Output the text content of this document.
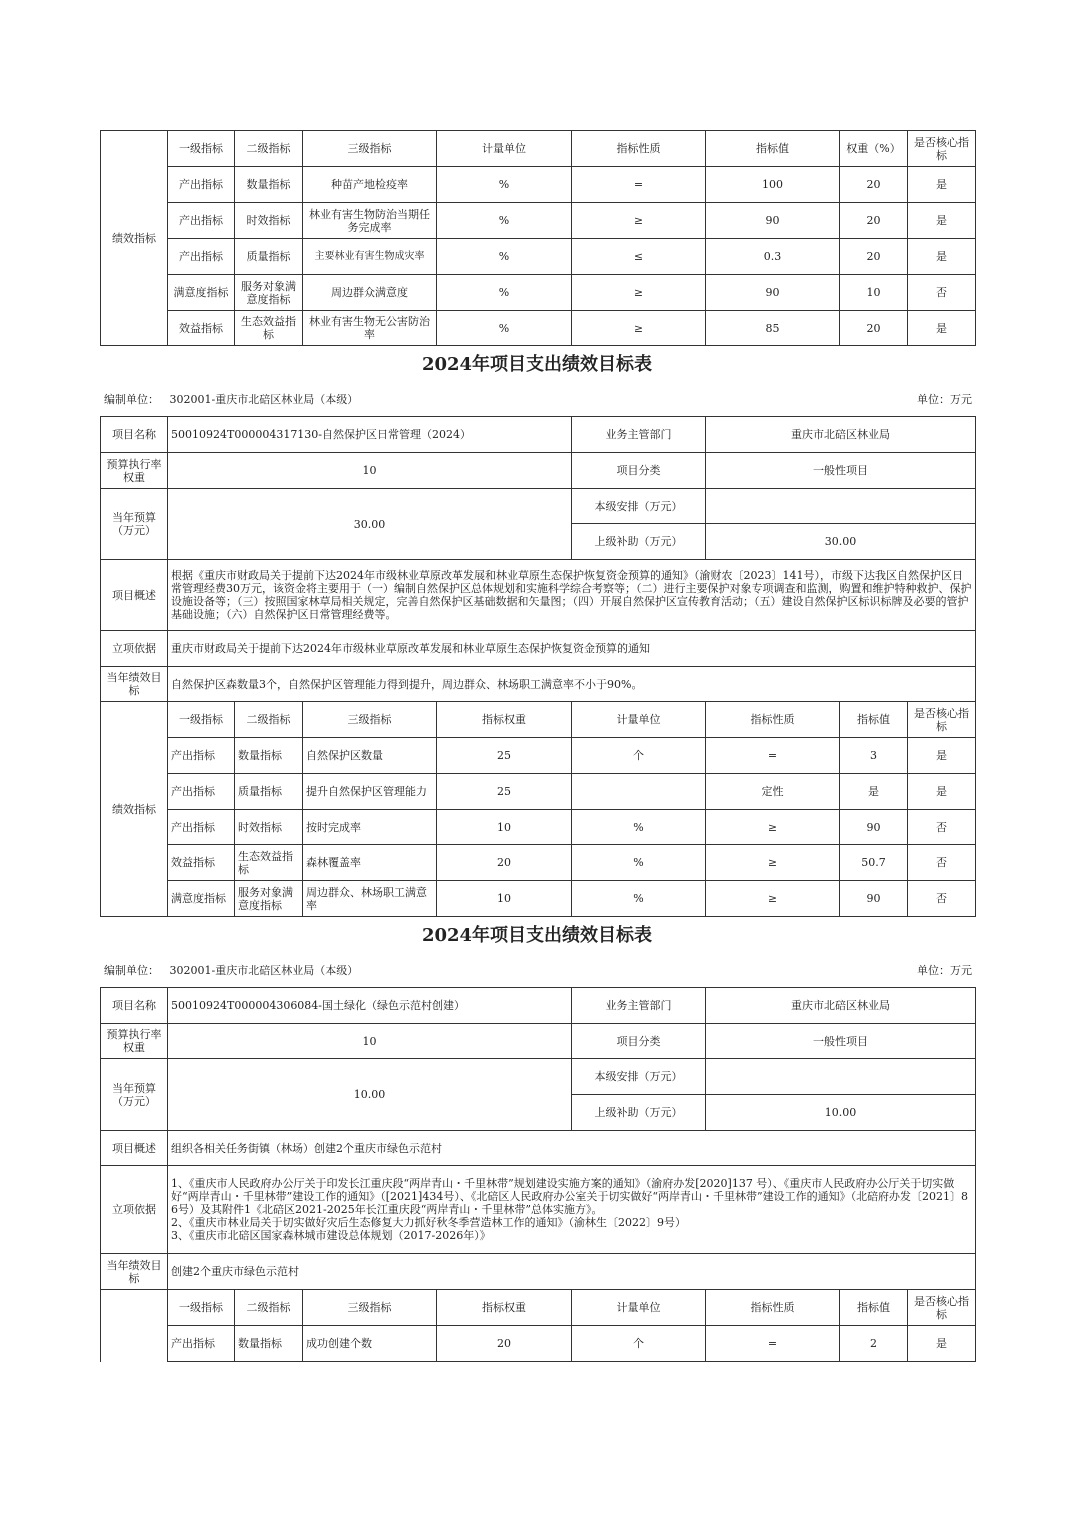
绩效指标	一级指标	二级指标	三级指标	计量单位	指标性质	指标值	权重（%）	是否核心指标
	产出指标	数量指标	种苗产地检疫率	%	=	100	20	是
	产出指标	时效指标	林业有害生物防治当期任务完成率	%	≥	90	20	是
	产出指标	质量指标	主要林业有害生物成灾率	%	≤	0.3	20	是
	满意度指标	服务对象满意度指标	周边群众满意度	%	≥	90	10	否
	效益指标	生态效益指标	林业有害生物无公害防治率	%	≥	85	20	是
2024年项目支出绩效目标表
编制单位： 302001-重庆市北碚区林业局（本级）	单位：万元
项目名称	50010924T000004317130-自然保护区日常管理（2024）				业务主管部门	重庆市北碚区林业局		
预算执行率权重	10				项目分类	一般性项目		
当年预算（万元）	30.00				本级安排（万元）			
					上级补助（万元）	30.00		
项目概述	根据《重庆市财政局关于提前下达2024年市级林业草原改革发展和林业草原生态保护恢复资金预算的通知》（渝财农〔2023〕141号），市级下达我区自然保护区日常管理经费30万元，该资金将主要用于（一）编制自然保护区总体规划和实施科学综合考察等；（二）进行主要保护对象专项调查和监测，购置和维护特种救护、保护设施设备等；（三）按照国家林草局相关规定，完善自然保护区基础数据和矢量图；（四）开展自然保护区宣传教育活动；（五）建设自然保护区标识标牌及必要的管护基础设施；（六）自然保护区日常管理经费等。							
立项依据	重庆市财政局关于提前下达2024年市级林业草原改革发展和林业草原生态保护恢复资金预算的通知							
当年绩效目标	自然保护区森数量3个，自然保护区管理能力得到提升，周边群众、林场职工满意率不小于90%。							
绩效指标	一级指标	二级指标	三级指标	指标权重	计量单位	指标性质	指标值	是否核心指标
	产出指标	数量指标	自然保护区数量	25	个	=	3	是
	产出指标	质量指标	提升自然保护区管理能力	25		定性	是	是
	产出指标	时效指标	按时完成率	10	%	≥	90	否
	效益指标	生态效益指标	森林覆盖率	20	%	≥	50.7	否
	满意度指标	服务对象满意度指标	周边群众、林场职工满意率	10	%	≥	90	否
2024年项目支出绩效目标表
编制单位： 302001-重庆市北碚区林业局（本级）	单位：万元
项目名称	50010924T000004306084-国土绿化（绿色示范村创建）				业务主管部门	重庆市北碚区林业局		
预算执行率权重	10				项目分类	一般性项目		
当年预算（万元）	10.00				本级安排（万元）			
					上级补助（万元）	10.00		
项目概述	组织各相关任务街镇（林场）创建2个重庆市绿色示范村							
立项依据	1、《重庆市人民政府办公厅关于印发长江重庆段“两岸青山・千里林带”规划建设实施方案的通知》（渝府办发[2020]137 号）、《重庆市人民政府办公厅关于切实做好“两岸青山・千里林带”建设工作的通知》（[2021]434号）、《北碚区人民政府办公室关于切实做好“两岸青山・千里林带”建设工作的通知》（北碚府办发〔2021〕86号）及其附件1《北碚区2021-2025年长江重庆段“两岸青山・千里林带”总体实施方》。
2、《重庆市林业局关于切实做好灾后生态修复大力抓好秋冬季营造林工作的通知》（渝林生〔2022〕9号）
3、《重庆市北碚区国家森林城市建设总体规划（2017-2026年）》							

当年绩效目标	创建2个重庆市绿色示范村							
	一级指标	二级指标	三级指标	指标权重	计量单位	指标性质	指标值	是否核心指标
	产出指标	数量指标	成功创建个数	20	个	=	2	是
